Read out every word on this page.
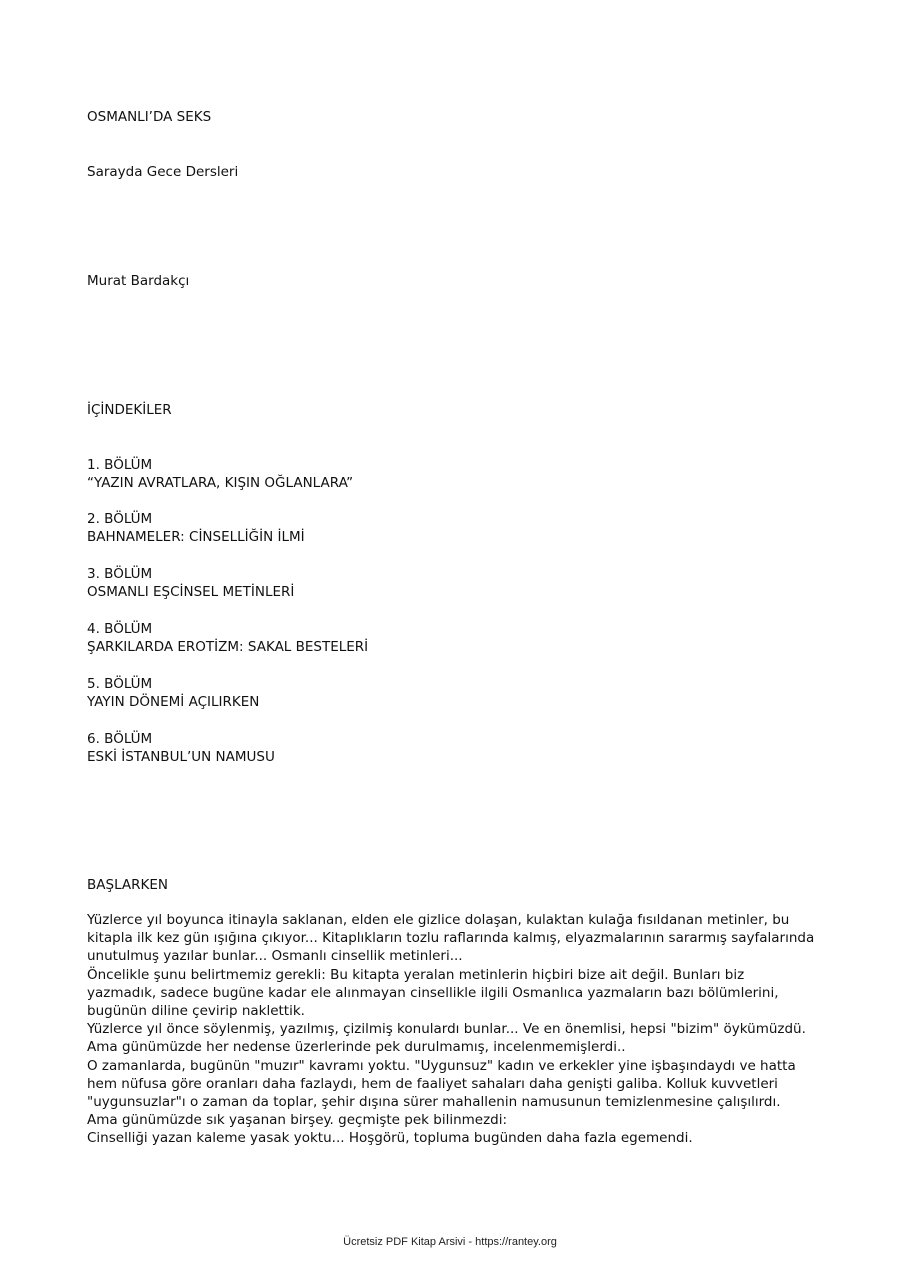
OSMANLI’DA SEKS
Sarayda Gece Dersleri
Murat Bardakçı
İÇİNDEKİLER
1. BÖLÜM
“YAZIN AVRATLARA, KIŞIN OĞLANLARA”
2. BÖLÜM
BAHNAMELER: CİNSELLİĞİN İLMİ
3. BÖLÜM
OSMANLI EŞCİNSEL METİNLERİ
4. BÖLÜM
ŞARKILARDA EROTİZM: SAKAL BESTELERİ
5. BÖLÜM
YAYIN DÖNEMİ AÇILIRKEN
6. BÖLÜM
ESKİ İSTANBUL’UN NAMUSU
BAŞLARKEN

Yüzlerce yıl boyunca itinayla saklanan, elden ele gizlice dolaşan, kulaktan kulağa fısıldanan metinler, bu kitapla ilk kez gün ışığına çıkıyor... Kitaplıkların tozlu raflarında kalmış, elyazmalarının sararmış sayfalarında unutulmuş yazılar bunlar... Osmanlı cinsellik metinleri...

Öncelikle şunu belirtmemiz gerekli: Bu kitapta yeralan metinlerin hiçbiri bize ait değil. Bunları biz yazmadık, sadece bugüne kadar ele alınmayan cinsellikle ilgili Osmanlıca yazmaların bazı bölümlerini, bugünün diline çevirip naklettik.

Yüzlerce yıl önce söylenmiş, yazılmış, çizilmiş konulardı bunlar... Ve en önemlisi, hepsi "bizim" öykümüzdü. Ama günümüzde her nedense üzerlerinde pek durulmamış, incelenmemişlerdi..

O zamanlarda, bugünün "muzır" kavramı yoktu. "Uygunsuz" kadın ve erkekler yine işbaşındaydı ve hatta hem nüfusa göre oranları daha fazlaydı, hem de faaliyet sahaları daha genişti galiba. Kolluk kuvvetleri "uygunsuzlar"ı o zaman da toplar, şehir dışına sürer mahallenin namusunun temizlenmesine çalışılırdı.

Ama günümüzde sık yaşanan birşey. geçmişte pek bilinmezdi:

Cinselliği yazan kaleme yasak yoktu... Hoşgörü, topluma bugünden daha fazla egemendi.

Ücretsiz PDF Kitap Arsivi - https://rantey.org
